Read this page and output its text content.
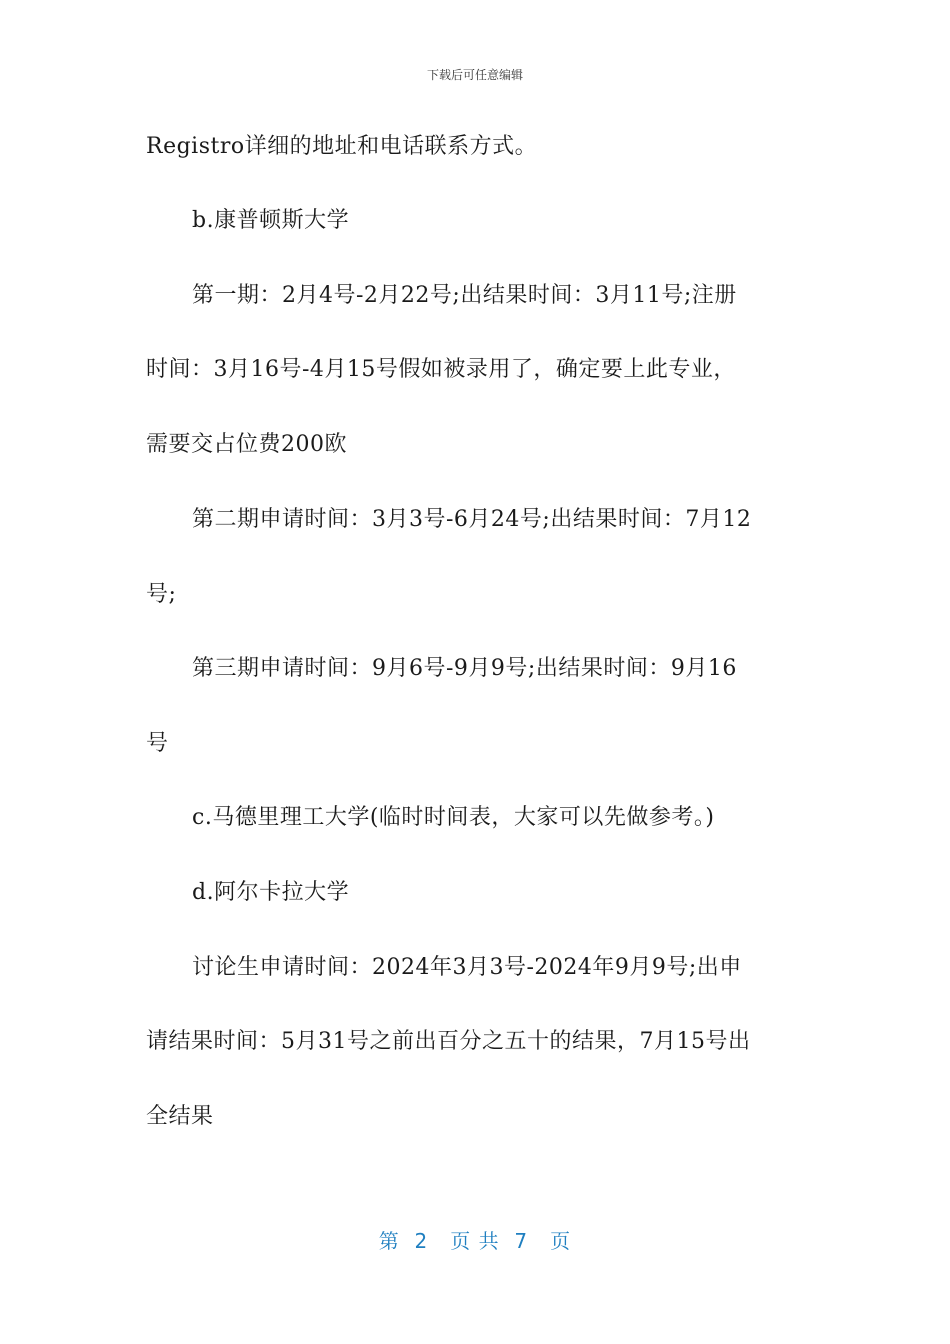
下载后可任意编辑
Registro详细的地址和电话联系方式。
b.康普顿斯大学
第一期：2月4号-2月22号;出结果时间：3月11号;注册
时间：3月16号-4月15号假如被录用了，确定要上此专业，
需要交占位费200欧
第二期申请时间：3月3号-6月24号;出结果时间：7月12
号;
第三期申请时间：9月6号-9月9号;出结果时间：9月16
号
c.马德里理工大学(临时时间表，大家可以先做参考。)
d.阿尔卡拉大学
讨论生申请时间：2024年3月3号-2024年9月9号;出申
请结果时间：5月31号之前出百分之五十的结果，7月15号出
全结果
第  2   页 共  7   页
